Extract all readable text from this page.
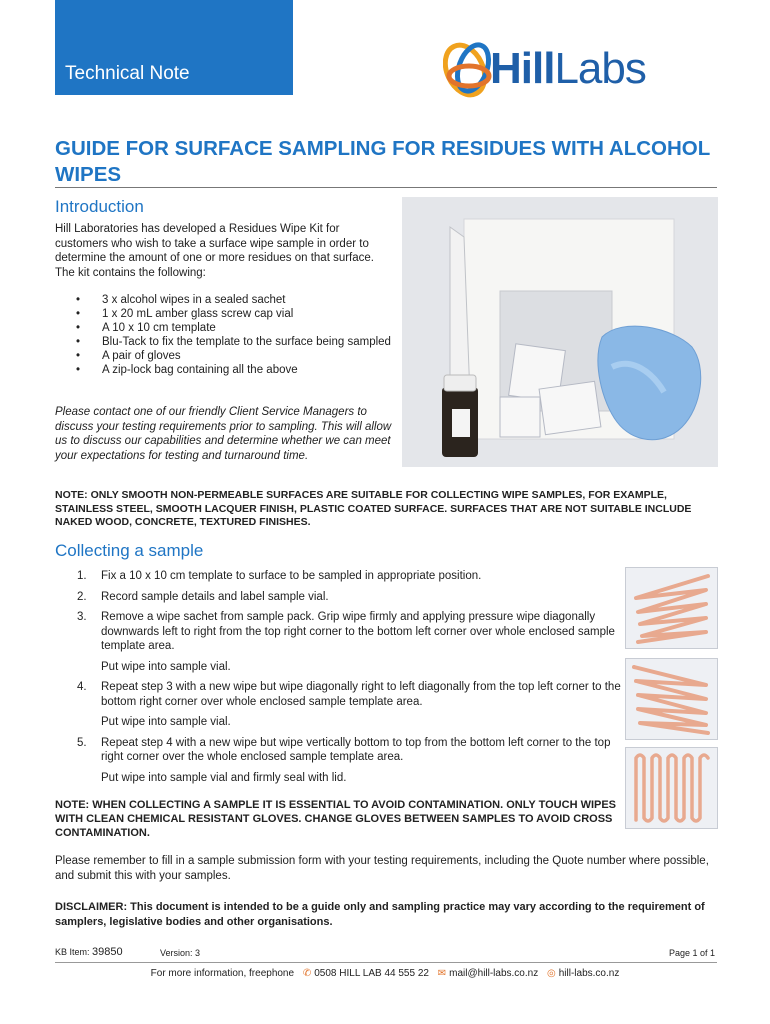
Technical Note	HillLabs
GUIDE FOR SURFACE SAMPLING FOR RESIDUES WITH ALCOHOL WIPES
Introduction

Hill Laboratories has developed a Residues Wipe Kit for customers who wish to take a surface wipe sample in order to determine the amount of one or more residues on that surface. The kit contains the following:

• 3 x alcohol wipes in a sealed sachet
• 1 x 20 mL amber glass screw cap vial
• A 10 x 10 cm template
• Blu-Tack to fix the template to the surface being sampled
• A pair of gloves
• A zip-lock bag containing all the above

Please contact one of our friendly Client Service Managers to discuss your testing requirements prior to sampling. This will allow us to discuss our capabilities and determine whether we can meet your expectations for testing and turnaround time.

NOTE: ONLY SMOOTH NON-PERMEABLE SURFACES ARE SUITABLE FOR COLLECTING WIPE SAMPLES, FOR EXAMPLE, STAINLESS STEEL, SMOOTH LACQUER FINISH, PLASTIC COATED SURFACE. SURFACES THAT ARE NOT SUITABLE INCLUDE NAKED WOOD, CONCRETE, TEXTURED FINISHES.

Collecting a sample
1. Fix a 10 x 10 cm template to surface to be sampled in appropriate position.
2. Record sample details and label sample vial.
3. Remove a wipe sachet from sample pack. Grip wipe firmly and applying pressure wipe diagonally downwards left to right from the top right corner to the bottom left corner over whole enclosed sample template area.
Put wipe into sample vial.
4. Repeat step 3 with a new wipe but wipe diagonally right to left diagonally from the top left corner to the bottom right corner over whole enclosed sample template area.
Put wipe into sample vial.
5. Repeat step 4 with a new wipe but wipe vertically bottom to top from the bottom left corner to the top right corner over the whole enclosed sample template area.
Put wipe into sample vial and firmly seal with lid.

NOTE: WHEN COLLECTING A SAMPLE IT IS ESSENTIAL TO AVOID CONTAMINATION. ONLY TOUCH WIPES WITH CLEAN CHEMICAL RESISTANT GLOVES. CHANGE GLOVES BETWEEN SAMPLES TO AVOID CROSS CONTAMINATION.

Please remember to fill in a sample submission form with your testing requirements, including the Quote number where possible, and submit this with your samples.

DISCLAIMER: This document is intended to be a guide only and sampling practice may vary according to the requirement of samplers, legislative bodies and other organisations.

KB Item: 39850	Version: 3	Page 1 of 1
For more information, freephone ✆ 0508 HILL LAB 44 555 22 ✉ mail@hill-labs.co.nz ◎ hill-labs.co.nz
